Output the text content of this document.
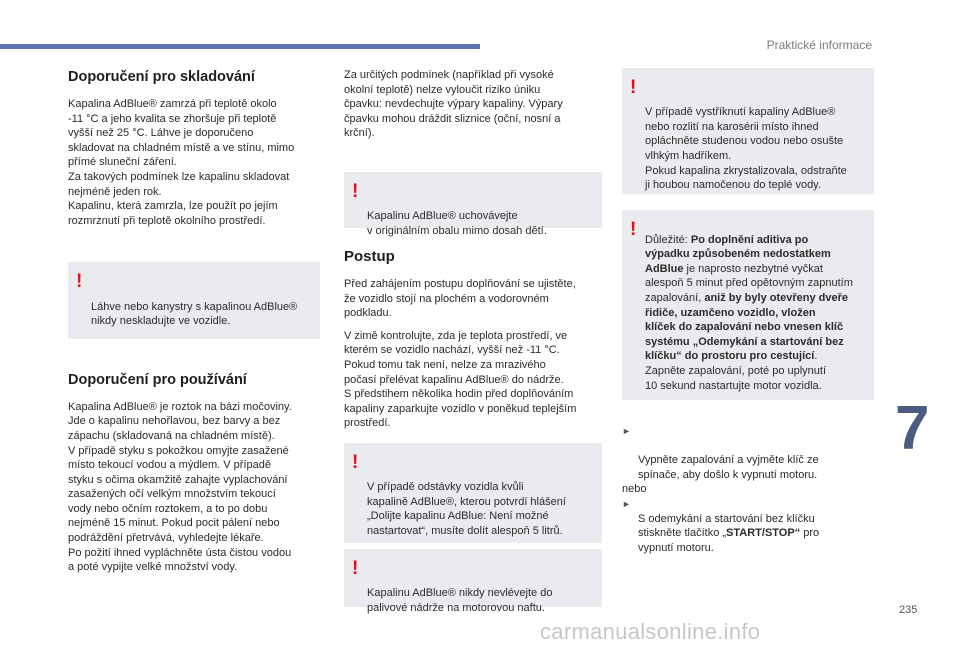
Praktické informace
Doporučení pro skladování

Kapalina AdBlue® zamrzá při teplotě okolo
-11 °C a jeho kvalita se zhoršuje při teplotě
vyšší než 25 °C. Láhve je doporučeno
skladovat na chladném místě a ve stínu, mimo
přímé sluneční záření.
Za takových podmínek lze kapalinu skladovat
nejméně jeden rok.
Kapalinu, která zamrzla, lze použít po jejím
rozmrznutí při teplotě okolního prostředí.

!

Láhve nebo kanystry s kapalinou AdBlue®
nikdy neskladujte ve vozidle.

Doporučení pro používání

Kapalina AdBlue® je roztok na bázi močoviny.
Jde o kapalinu nehořlavou, bez barvy a bez
zápachu (skladovaná na chladném místě).
V případě styku s pokožkou omyjte zasažené
místo tekoucí vodou a mýdlem. V případě
styku s očima okamžitě zahajte vyplachování
zasažených očí velkým množstvím tekoucí
vody nebo očním roztokem, a to po dobu
nejméně 15 minut. Pokud pocit pálení nebo
podráždění přetrvává, vyhledejte lékaře.
Po požití ihned vypláchněte ústa čistou vodou
a poté vypijte velké množství vody.

Za určitých podmínek (například při vysoké
okolní teplotě) nelze vyloučit riziko úniku
čpavku: nevdechujte výpary kapaliny. Výpary
čpavku mohou dráždit sliznice (oční, nosní a
krční).

!

Kapalinu AdBlue® uchovávejte
v originálním obalu mimo dosah dětí.

Postup

Před zahájením postupu doplňování se ujistěte,
že vozidlo stojí na plochém a vodorovném
podkladu.

V zimě kontrolujte, zda je teplota prostředí, ve
kterém se vozidlo nachází, vyšší než -11 °C.
Pokud tomu tak není, nelze za mrazivého
počasí přelévat kapalinu AdBlue® do nádrže.
S předstihem několika hodin před doplňováním
kapaliny zaparkujte vozidlo v poněkud teplejším
prostředí.

!

V případě odstávky vozidla kvůli
kapalině AdBlue®, kterou potvrdí hlášení
„Dolijte kapalinu AdBlue: Není možné
nastartovat“, musíte dolít alespoň 5 litrů.

!

Kapalinu AdBlue® nikdy nevlévejte do
palivové nádrže na motorovou naftu.

!

V případě vystříknutí kapaliny AdBlue®
nebo rozlití na karosérii místo ihned
opláchněte studenou vodou nebo osušte
vlhkým hadříkem.
Pokud kapalina zkrystalizovala, odstraňte
ji houbou namočenou do teplé vody.

! Důležité: Po doplnění aditiva po
výpadku způsobeném nedostatkem
AdBlue je naprosto nezbytné vyčkat
alespoň 5 minut před opětovným zapnutím
zapalování, aniž by byly otevřeny dveře
řidiče, uzamčeno vozidlo, vložen
klíček do zapalování nebo vnesen klíč
systému „Odemykání a startování bez
klíčku“ do prostoru pro cestující.
Zapněte zapalování, poté po uplynutí
10 sekund nastartujte motor vozidla.

►

Vypněte zapalování a vyjměte klíč ze
spínače, aby došlo k vypnutí motoru.

nebo

►
S odemykání a startování bez klíčku
stiskněte tlačítko „START/STOP“ pro
vypnutí motoru.

7
235
carmanualsonline.info
